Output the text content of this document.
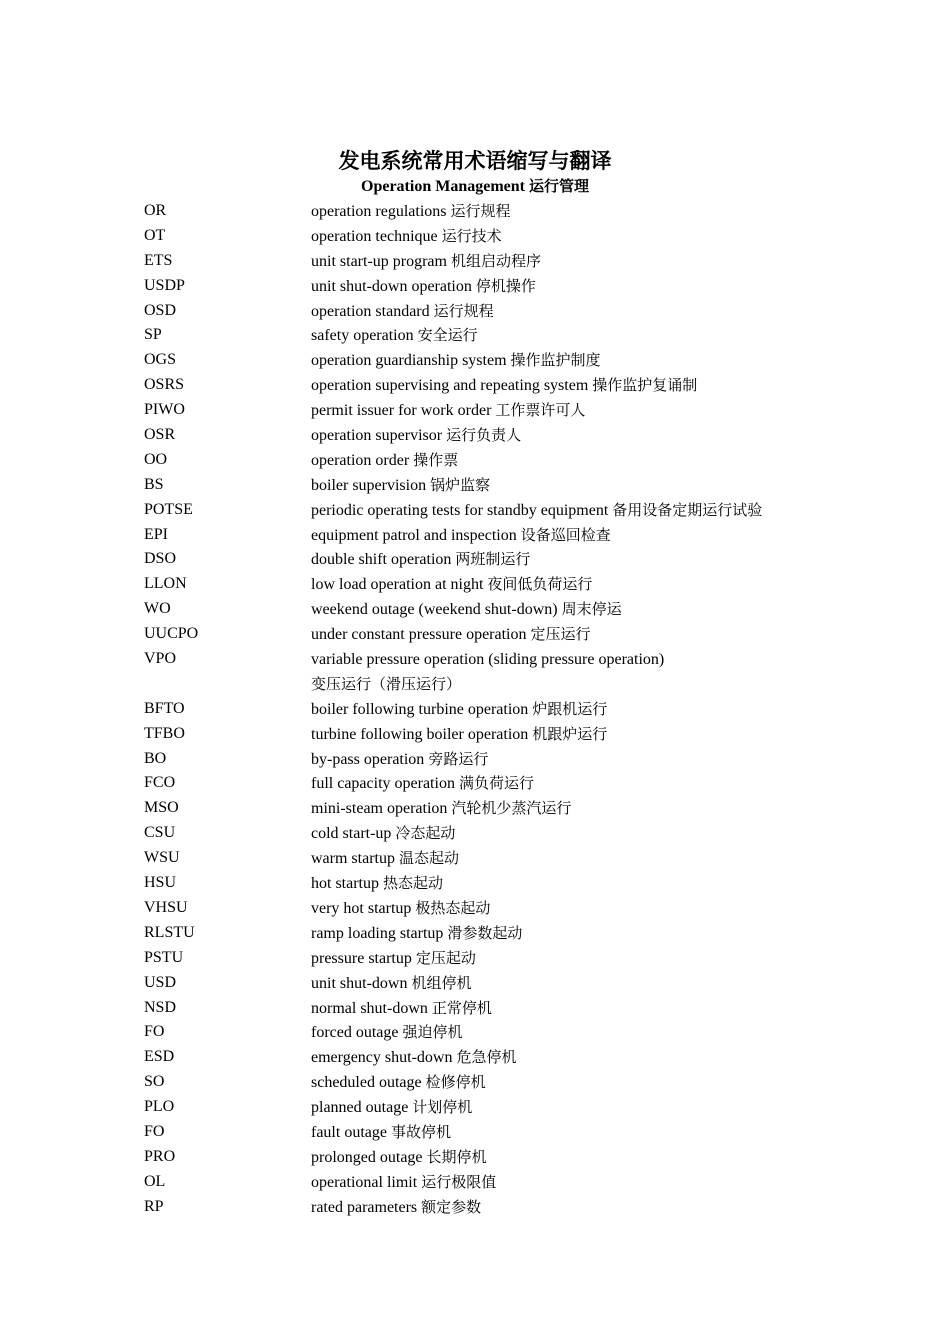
发电系统常用术语缩写与翻译
Operation Management 运行管理
OR	operation regulations 运行规程
OT	operation technique 运行技术
ETS	unit start-up program 机组启动程序
USDP	unit shut-down operation 停机操作
OSD	operation standard 运行规程
SP	safety operation 安全运行
OGS	operation guardianship system 操作监护制度
OSRS	operation supervising and repeating system 操作监护复诵制
PIWO	permit issuer for work order 工作票许可人
OSR	operation supervisor 运行负责人
OO	operation order 操作票
BS	boiler supervision 锅炉监察
POTSE	periodic operating tests for standby equipment 备用设备定期运行试验
EPI	equipment patrol and inspection 设备巡回检查
DSO	double shift operation 两班制运行
LLON	low load operation at night 夜间低负荷运行
WO	weekend outage (weekend shut-down) 周末停运
UUCPO	under constant pressure operation 定压运行
VPO	variable pressure operation (sliding pressure operation)
变压运行（滑压运行）
BFTO	boiler following turbine operation 炉跟机运行
TFBO	turbine following boiler operation 机跟炉运行
BO	by-pass operation 旁路运行
FCO	full capacity operation 满负荷运行
MSO	mini-steam operation 汽轮机少蒸汽运行
CSU	cold start-up 冷态起动
WSU	warm startup 温态起动
HSU	hot startup 热态起动
VHSU	very hot startup 极热态起动
RLSTU	ramp loading startup 滑参数起动
PSTU	pressure startup 定压起动
USD	unit shut-down 机组停机
NSD	normal shut-down 正常停机
FO	forced outage 强迫停机
ESD	emergency shut-down 危急停机
SO	scheduled outage 检修停机
PLO	planned outage 计划停机
FO	fault outage 事故停机
PRO	prolonged outage 长期停机
OL	operational limit 运行极限值
RP	rated parameters 额定参数
